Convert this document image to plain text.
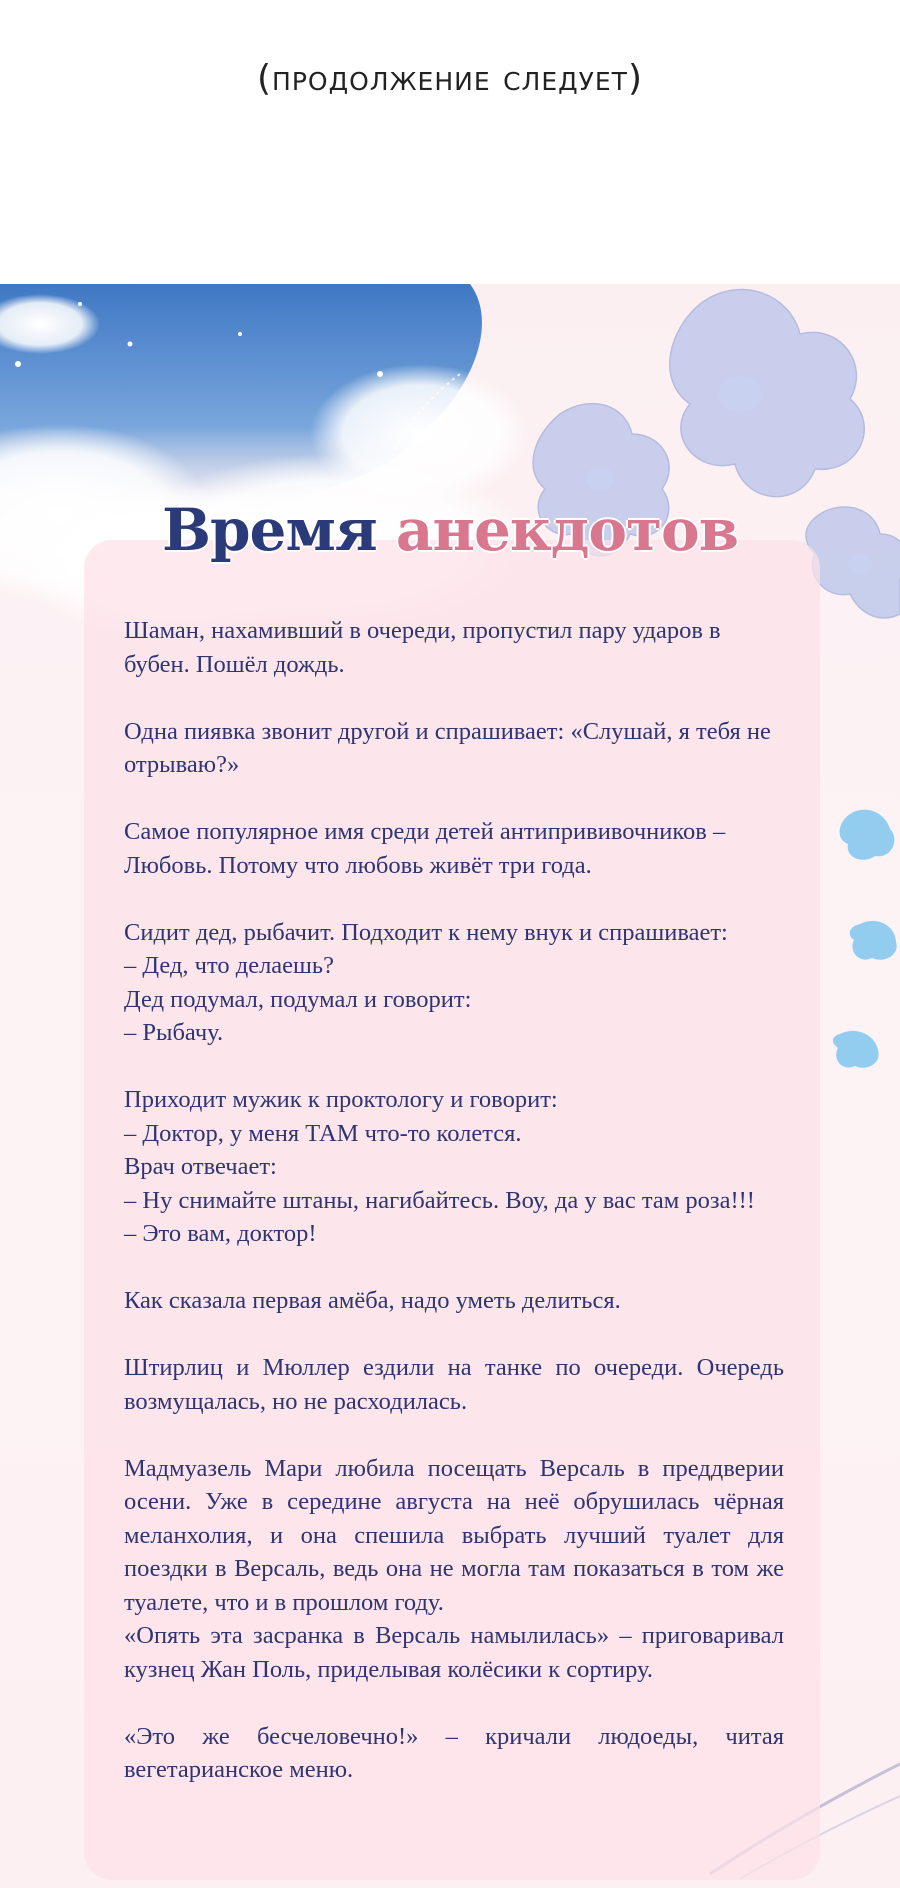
(продолжение следует)
Время анекдотов
Шаман, нахамивший в очереди, пропустил пару ударов в бубен. Пошёл дождь.
Одна пиявка звонит другой и спрашивает: «Слушай, я тебя не отрываю?»
Самое популярное имя среди детей антипрививочников – Любовь. Потому что любовь живёт три года.
Сидит дед, рыбачит. Подходит к нему внук и спрашивает:
– Дед, что делаешь?
Дед подумал, подумал и говорит:
– Рыбачу.
Приходит мужик к проктологу и говорит:
– Доктор, у меня ТАМ что-то колется.
Врач отвечает:
– Ну снимайте штаны, нагибайтесь. Воу, да у вас там роза!!!
– Это вам, доктор!
Как сказала первая амёба, надо уметь делиться.
Штирлиц и Мюллер ездили на танке по очереди. Очередь возмущалась, но не расходилась.
Мадмуазель Мари любила посещать Версаль в преддверии осени. Уже в середине августа на неё обрушилась чёрная меланхолия, и она спешила выбрать лучший туалет для поездки в Версаль, ведь она не могла там показаться в том же туалете, что и в прошлом году.
«Опять эта засранка в Версаль намылилась» – приговаривал кузнец Жан Поль, приделывая колёсики к сортиру.
«Это же бесчеловечно!» – кричали людоеды, читая вегетарианское меню.
